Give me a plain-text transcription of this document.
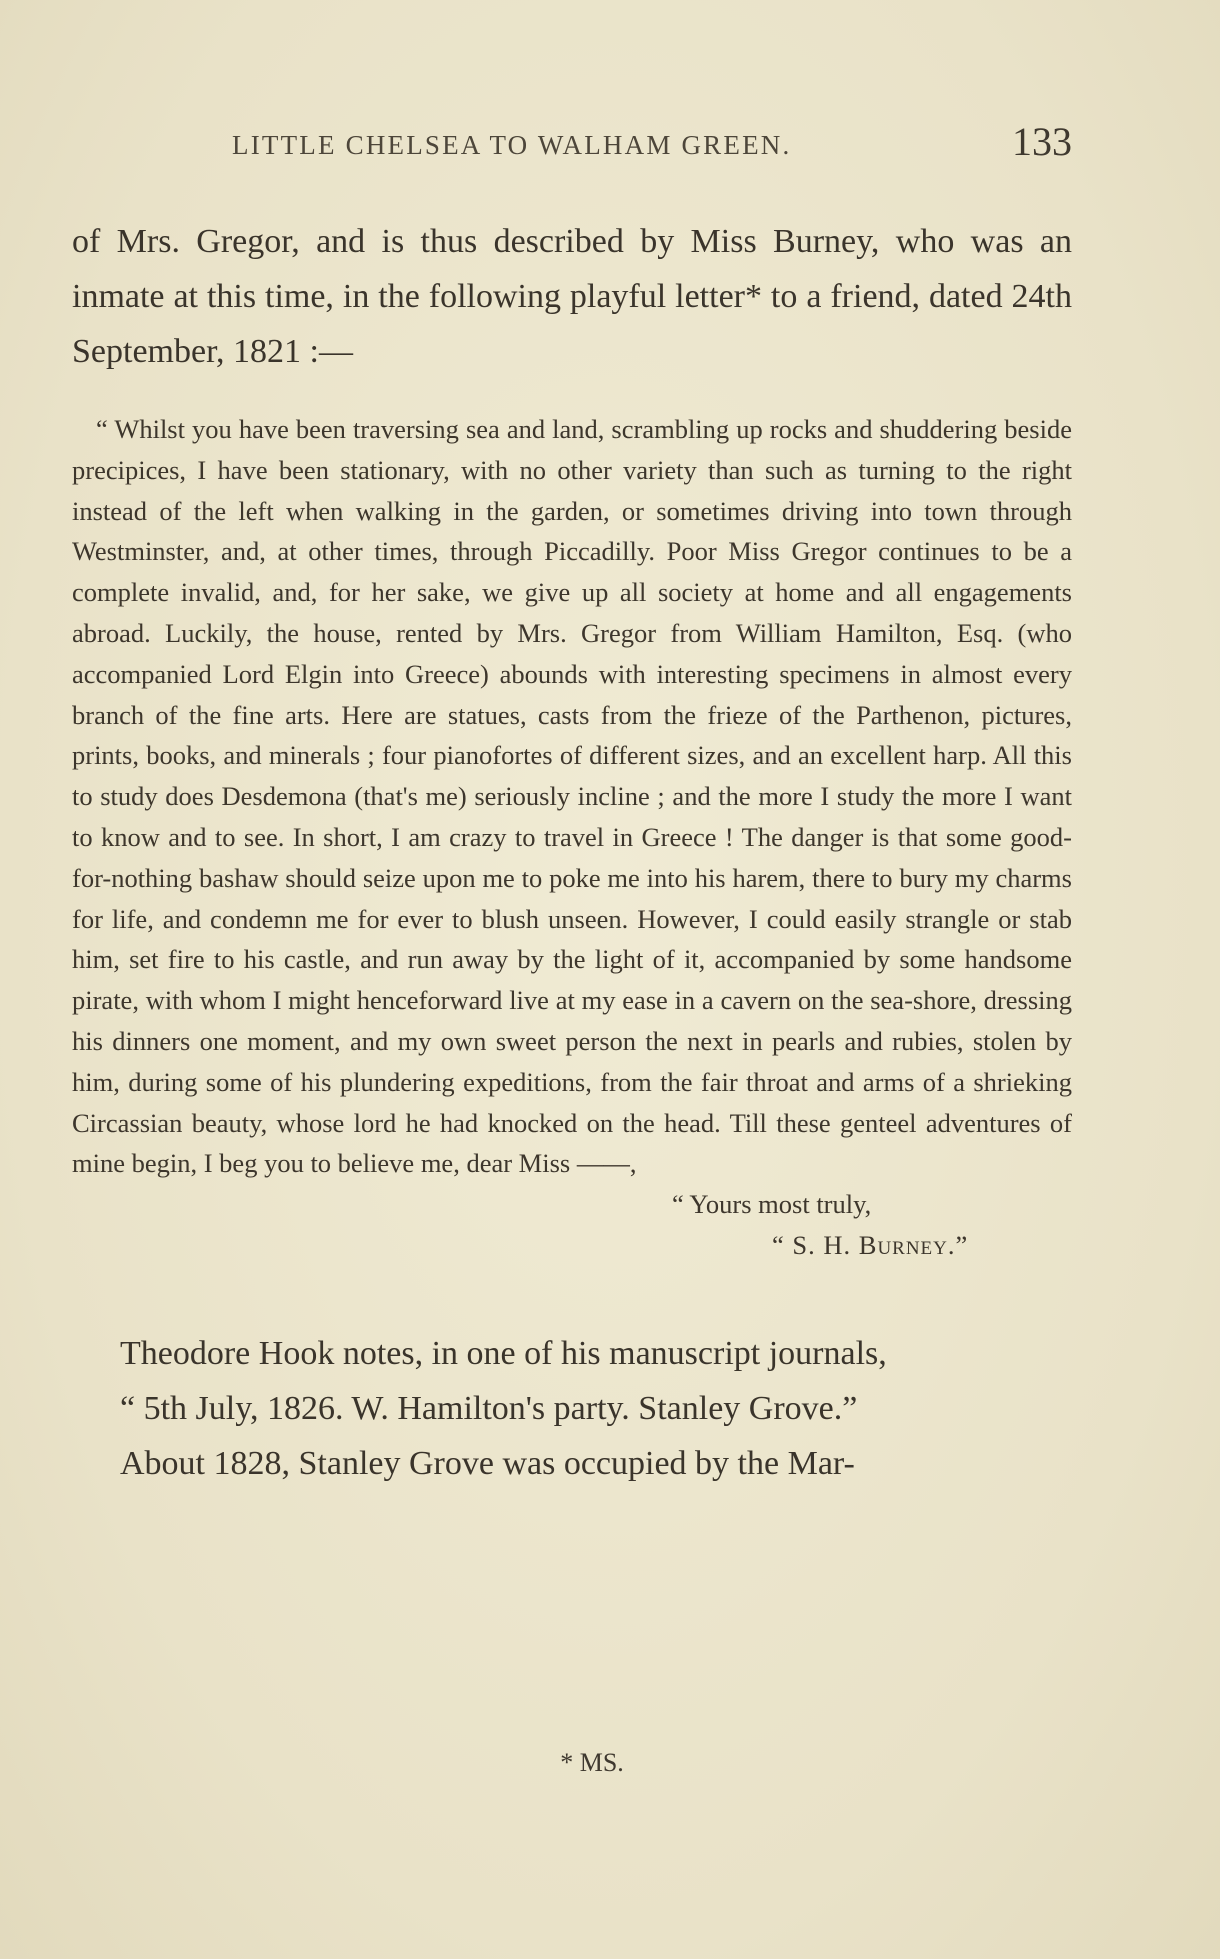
LITTLE CHELSEA TO WALHAM GREEN.	133
of Mrs. Gregor, and is thus described by Miss Burney, who was an inmate at this time, in the following playful letter* to a friend, dated 24th September, 1821 :—

“ Whilst you have been traversing sea and land, scrambling up rocks and shuddering beside precipices, I have been stationary, with no other variety than such as turning to the right instead of the left when walking in the garden, or sometimes driving into town through Westminster, and, at other times, through Piccadilly. Poor Miss Gregor continues to be a complete invalid, and, for her sake, we give up all society at home and all engagements abroad. Luckily, the house, rented by Mrs. Gregor from William Hamilton, Esq. (who accompanied Lord Elgin into Greece) abounds with interesting specimens in almost every branch of the fine arts. Here are statues, casts from the frieze of the Parthenon, pictures, prints, books, and minerals ; four pianofortes of different sizes, and an excellent harp. All this to study does Desdemona (that's me) seriously incline ; and the more I study the more I want to know and to see. In short, I am crazy to travel in Greece ! The danger is that some good-for-nothing bashaw should seize upon me to poke me into his harem, there to bury my charms for life, and condemn me for ever to blush unseen. However, I could easily strangle or stab him, set fire to his castle, and run away by the light of it, accompanied by some handsome pirate, with whom I might henceforward live at my ease in a cavern on the sea-shore, dressing his dinners one moment, and my own sweet person the next in pearls and rubies, stolen by him, during some of his plundering expeditions, from the fair throat and arms of a shrieking Circassian beauty, whose lord he had knocked on the head. Till these genteel adventures of mine begin, I beg you to believe me, dear Miss ——,

“ Yours most truly,
“ S. H. Burney.”

Theodore Hook notes, in one of his manuscript journals,

“ 5th July, 1826. W. Hamilton's party. Stanley Grove.”

About 1828, Stanley Grove was occupied by the Mar-

* MS.
